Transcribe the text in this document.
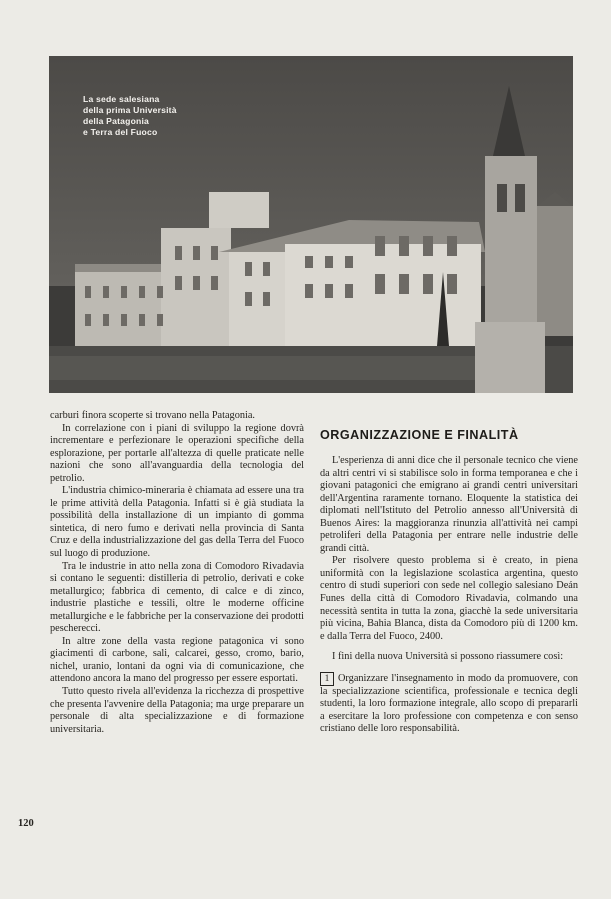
La sede salesiana
della prima Università
della Patagonia
e Terra del Fuoco

carburi finora scoperte si trovano nella Patagonia.

In correlazione con i piani di sviluppo la regione dovrà incrementare e perfezionare le operazioni specifiche della esplorazione, per portarle all'altezza di quelle praticate nelle nazioni che sono all'avanguardia della tecnologia del petrolio.

L'industria chimico-mineraria è chiamata ad essere una tra le prime attività della Patagonia. Infatti si è già studiata la possibilità della installazione di un impianto di gomma sintetica, di nero fumo e derivati nella provincia di Santa Cruz e della industrializzazione del gas della Terra del Fuoco sul luogo di produzione.

Tra le industrie in atto nella zona di Comodoro Rivadavia si contano le seguenti: distilleria di petrolio, derivati e coke metallurgico; fabbrica di cemento, di calce e di zinco, industrie plastiche e tessili, oltre le moderne officine metallurgiche e le fabbriche per la conservazione dei prodotti pescherecci.

In altre zone della vasta regione patagonica vi sono giacimenti di carbone, sali, calcarei, gesso, cromo, bario, nichel, uranio, lontani da ogni via di comunicazione, che attendono ancora la mano del progresso per essere esportati.

Tutto questo rivela all'evidenza la ricchezza di prospettive che presenta l'avvenire della Patagonia; ma urge preparare un personale di alta specializzazione e di formazione universitaria.

ORGANIZZAZIONE E FINALITÀ

L'esperienza di anni dice che il personale tecnico che viene da altri centri vi si stabilisce solo in forma temporanea e che i giovani patagonici che emigrano ai grandi centri universitari dell'Argentina raramente tornano. Eloquente la statistica dei diplomati nell'Istituto del Petrolio annesso all'Università di Buenos Aires: la maggioranza rinunzia all'attività nei campi petroliferi della Patagonia per entrare nelle industrie delle grandi città.

Per risolvere questo problema si è creato, in piena uniformità con la legislazione scolastica argentina, questo centro di studi superiori con sede nel collegio salesiano Deán Funes della città di Comodoro Rivadavia, colmando una necessità sentita in tutta la zona, giacchè la sede universitaria più vicina, Bahia Blanca, dista da Comodoro più di 1200 km. e dalla Terra del Fuoco, 2400.

I fini della nuova Università si possono riassumere così:

1 Organizzare l'insegnamento in modo da promuovere, con la specializzazione scientifica, professionale e tecnica degli studenti, la loro formazione integrale, allo scopo di prepararli a esercitare la loro professione con competenza e con senso cristiano delle loro responsabilità.

120
